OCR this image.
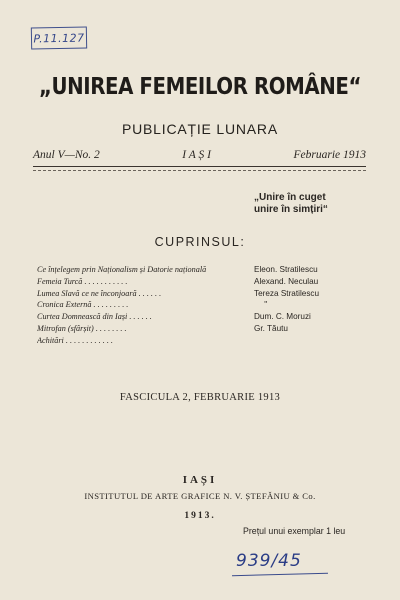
P.11.127
„UNIREA FEMEILOR ROMÂNE“
PUBLICAȚIE LUNARA
Anul V—No. 2	I A Ș I	Februarie 1913
„Unire în cuget
unire în simțiri“
CUPRINSUL:
Ce înțelegem prin Naționalism și Datorie națională	Eleon. Stratilescu
Femeia Turcă . . . . . . . . . . .	Alexand. Neculau
Lumea Slavă ce ne înconjoară . . . . . .	Tereza Stratilescu
Cronica Externă . . . . . . . . .	"
Curtea Domnească din Iași . . . . . .	Dum. C. Moruzi
Mitrofan (sfârșit) . . . . . . . .	Gr. Tăutu
Achitări . . . . . . . . . . . .
FASCICULA 2, FEBRUARIE 1913
IAȘI
INSTITUTUL DE ARTE GRAFICE N. V. ȘTEFĂNIU & Co.
1913.
Prețul unui exemplar 1 leu
939/45
